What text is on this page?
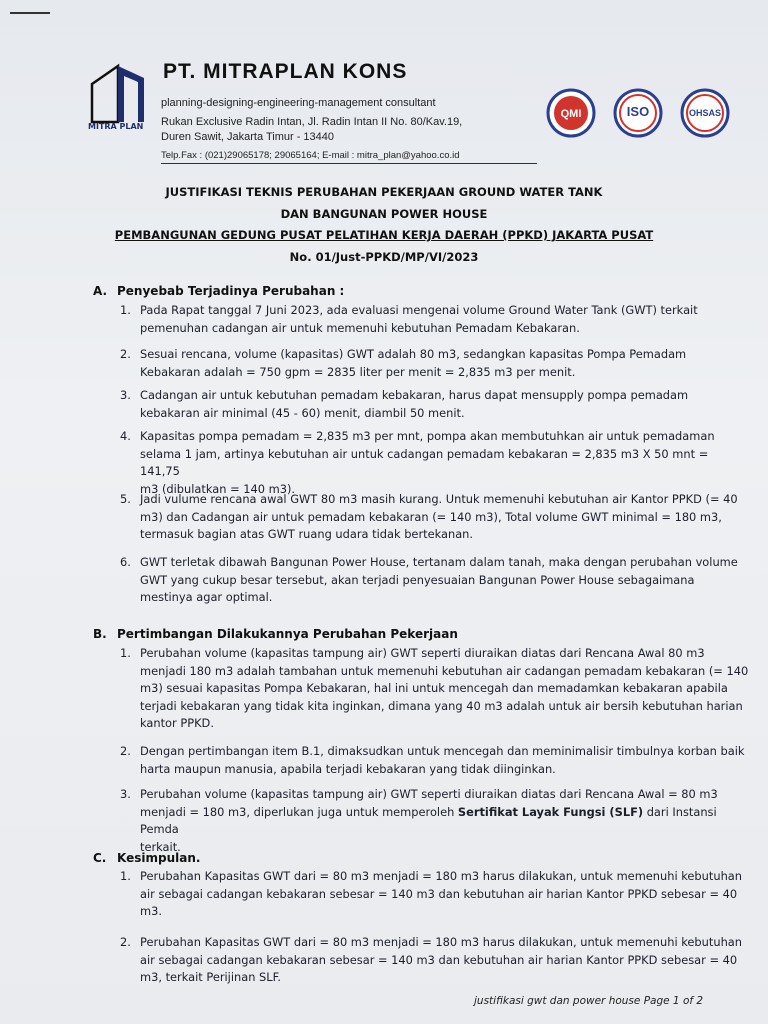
MITRA PLAN
PT. MITRAPLAN KONS
planning-designing-engineering-management consultant
Rukan Exclusive Radin Intan, Jl. Radin Intan II No. 80/Kav.19,
Duren Sawit, Jakarta Timur - 13440
Telp.Fax : (021)29065178; 29065164; E-mail : mitra_plan@yahoo.co.id
QMI	ISO	OHSAS
JUSTIFIKASI TEKNIS PERUBAHAN PEKERJAAN GROUND WATER TANK
DAN BANGUNAN POWER HOUSE
PEMBANGUNAN GEDUNG PUSAT PELATIHAN KERJA DAERAH (PPKD) JAKARTA PUSAT
No. 01/Just-PPKD/MP/VI/2023
A. Penyebab Terjadinya Perubahan :
1. Pada Rapat tanggal 7 Juni 2023, ada evaluasi mengenai volume Ground Water Tank (GWT) terkait
pemenuhan cadangan air untuk memenuhi kebutuhan Pemadam Kebakaran.
2. Sesuai rencana, volume (kapasitas) GWT adalah 80 m3, sedangkan kapasitas Pompa Pemadam
Kebakaran adalah = 750 gpm = 2835 liter per menit = 2,835 m3 per menit.
3. Cadangan air untuk kebutuhan pemadam kebakaran, harus dapat mensupply pompa pemadam
kebakaran air minimal (45 - 60) menit, diambil 50 menit.
4. Kapasitas pompa pemadam = 2,835 m3 per mnt, pompa akan membutuhkan air untuk pemadaman
selama 1 jam, artinya kebutuhan air untuk cadangan pemadam kebakaran = 2,835 m3 X 50 mnt = 141,75
m3 (dibulatkan = 140 m3).
5. Jadi vulume rencana awal GWT 80 m3 masih kurang. Untuk memenuhi kebutuhan air Kantor PPKD (= 40
m3) dan Cadangan air untuk pemadam kebakaran (= 140 m3), Total volume GWT minimal = 180 m3,
termasuk bagian atas GWT ruang udara tidak bertekanan.
6. GWT terletak dibawah Bangunan Power House, tertanam dalam tanah, maka dengan perubahan volume
GWT yang cukup besar tersebut, akan terjadi penyesuaian Bangunan Power House sebagaimana
mestinya agar optimal.
B. Pertimbangan Dilakukannya Perubahan Pekerjaan
1. Perubahan volume (kapasitas tampung air) GWT seperti diuraikan diatas dari Rencana Awal 80 m3
menjadi 180 m3 adalah tambahan untuk memenuhi kebutuhan air cadangan pemadam kebakaran (= 140
m3) sesuai kapasitas Pompa Kebakaran, hal ini untuk mencegah dan memadamkan kebakaran apabila
terjadi kebakaran yang tidak kita inginkan, dimana yang 40 m3 adalah untuk air bersih kebutuhan harian
kantor PPKD.
2. Dengan pertimbangan item B.1, dimaksudkan untuk mencegah dan meminimalisir timbulnya korban baik
harta maupun manusia, apabila terjadi kebakaran yang tidak diinginkan.
3. Perubahan volume (kapasitas tampung air) GWT seperti diuraikan diatas dari Rencana Awal = 80 m3
menjadi = 180 m3, diperlukan juga untuk memperoleh Sertifikat Layak Fungsi (SLF) dari Instansi Pemda
terkait.
C. Kesimpulan.
1. Perubahan Kapasitas GWT dari = 80 m3 menjadi = 180 m3 harus dilakukan, untuk memenuhi kebutuhan
air sebagai cadangan kebakaran sebesar = 140 m3 dan kebutuhan air harian Kantor PPKD sebesar = 40
m3.
2. Perubahan Kapasitas GWT dari = 80 m3 menjadi = 180 m3 harus dilakukan, untuk memenuhi kebutuhan
air sebagai cadangan kebakaran sebesar = 140 m3 dan kebutuhan air harian Kantor PPKD sebesar = 40
m3, terkait Perijinan SLF.
justifikasi gwt dan power house Page 1 of 2
